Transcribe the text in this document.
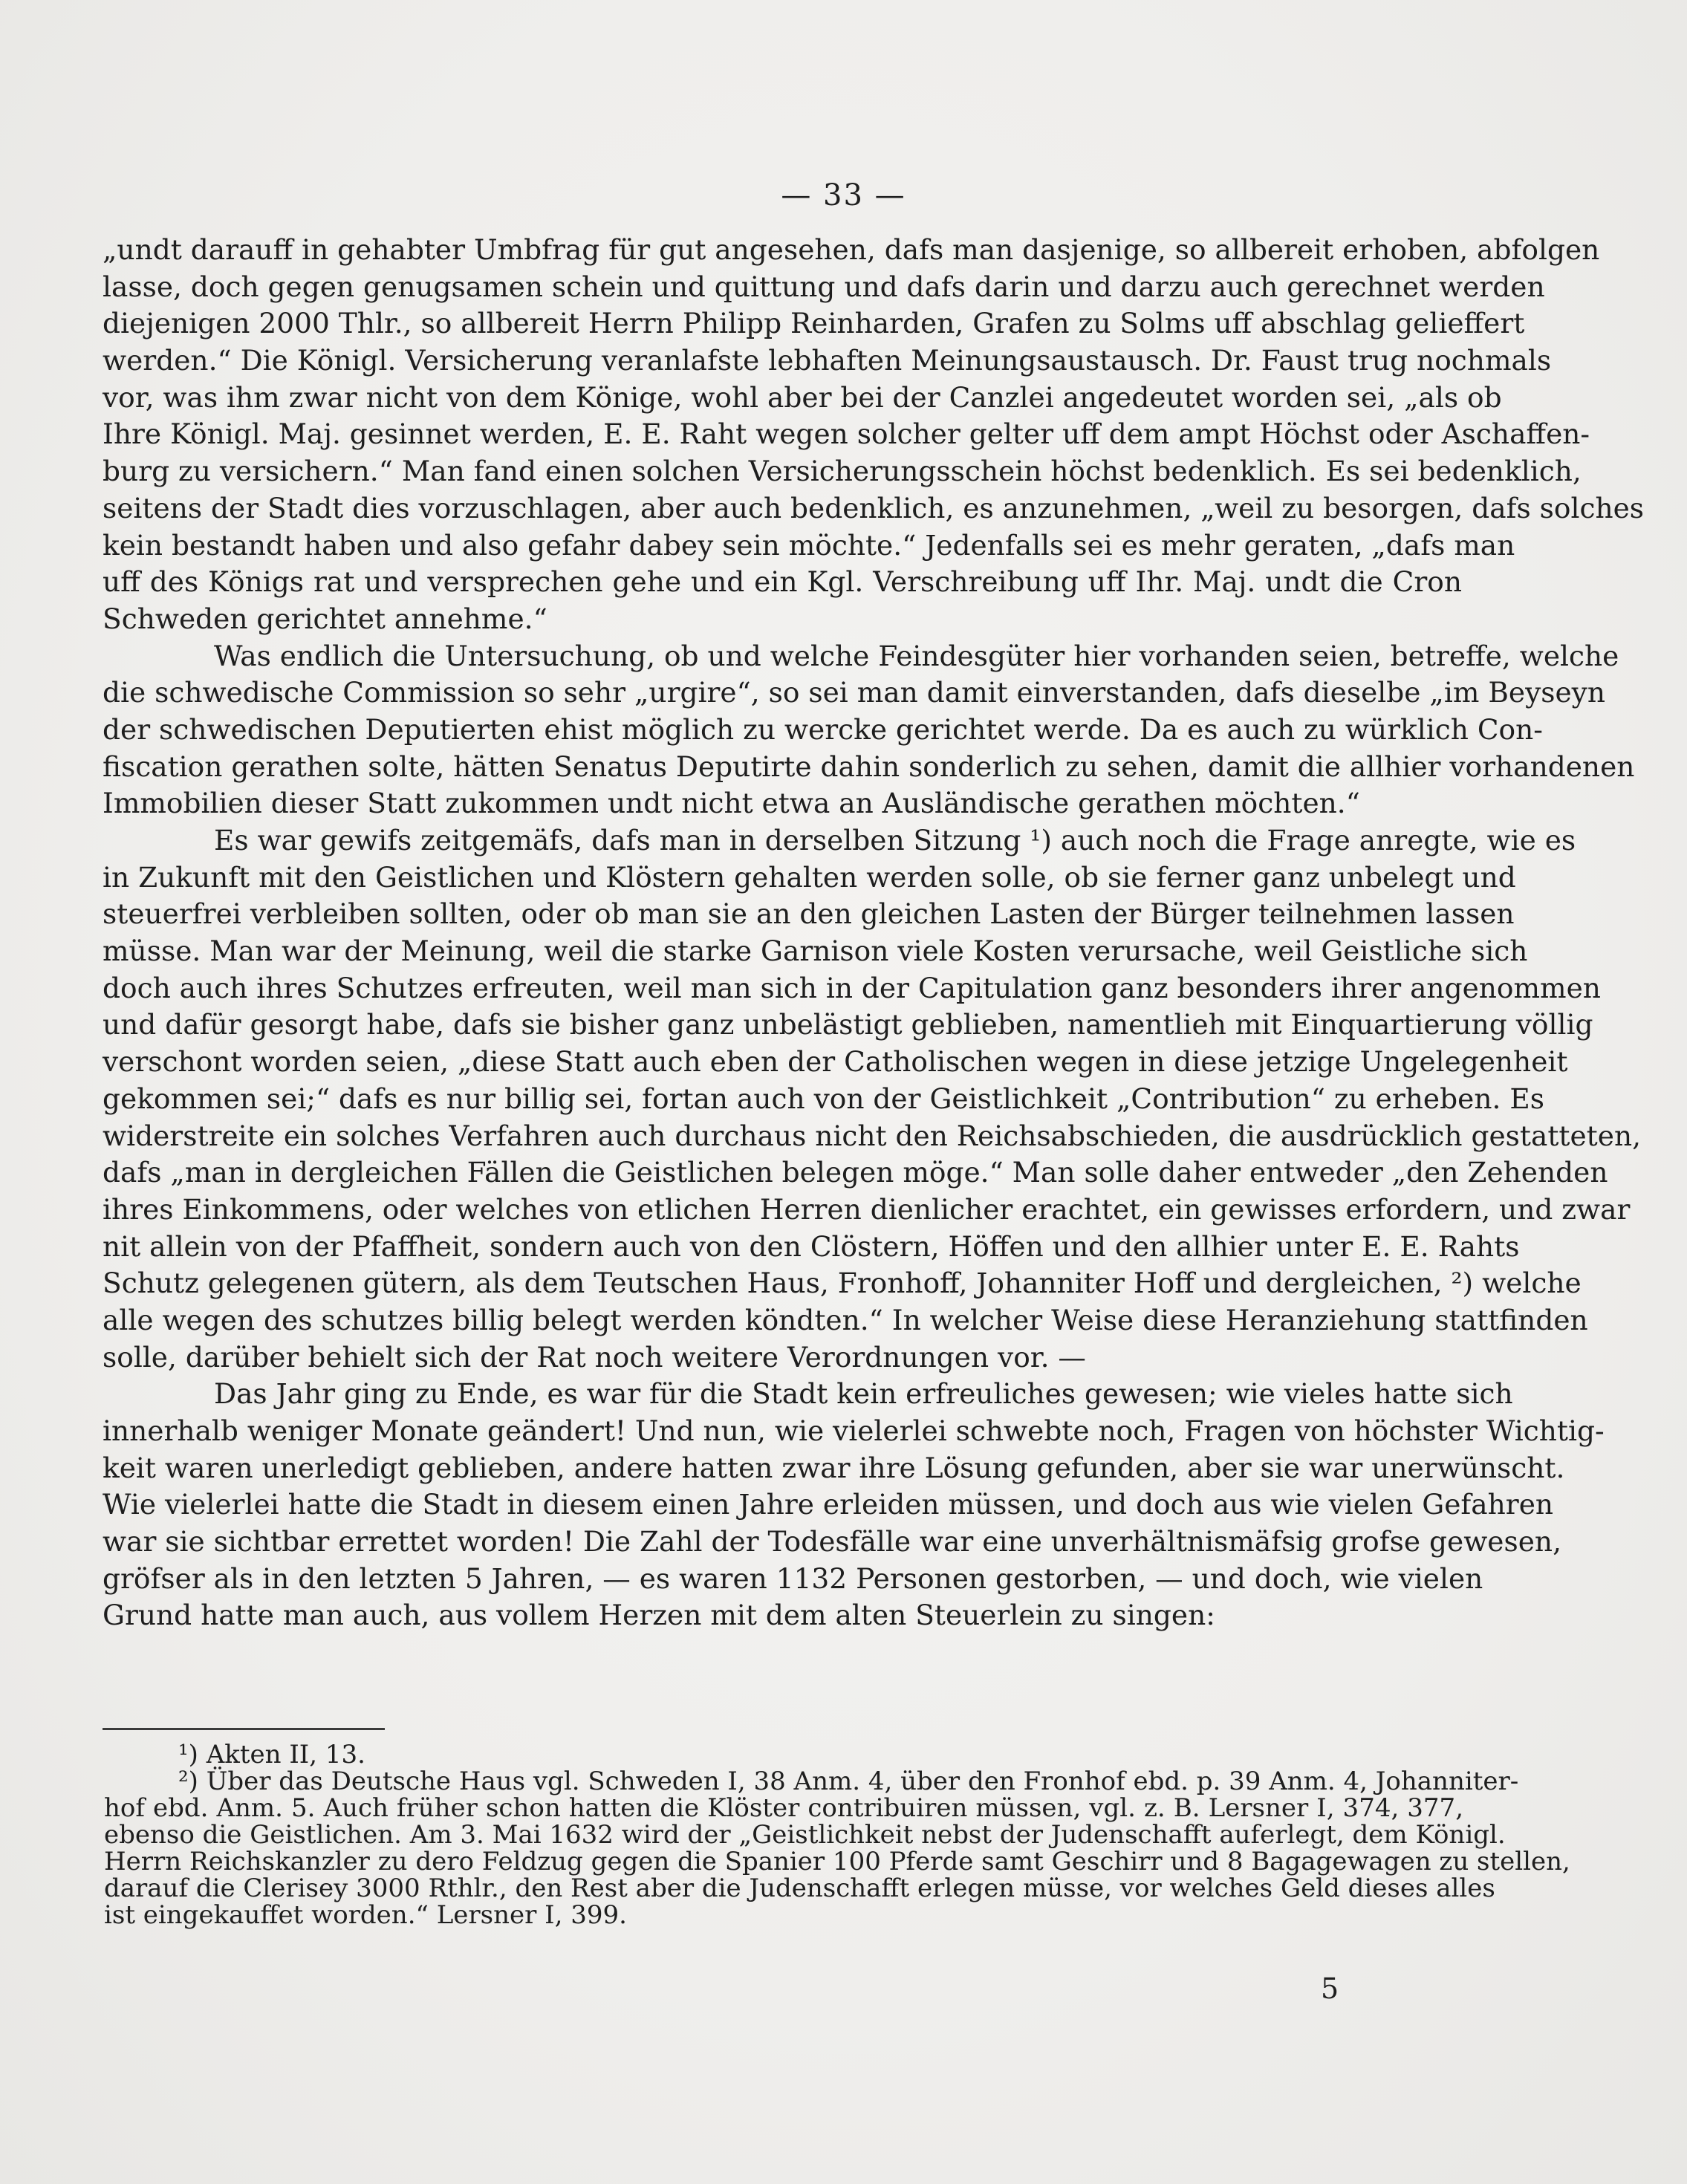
— 33 —
„undt darauff in gehabter Umbfrag für gut angesehen, dafs man dasjenige, so allbereit erhoben, abfolgen
lasse, doch gegen genugsamen schein und quittung und dafs darin und darzu auch gerechnet werden
diejenigen 2000 Thlr., so allbereit Herrn Philipp Reinharden, Grafen zu Solms uff abschlag gelieffert
werden.“ Die Königl. Versicherung veranlafste lebhaften Meinungsaustausch. Dr. Faust trug nochmals
vor, was ihm zwar nicht von dem Könige, wohl aber bei der Canzlei angedeutet worden sei, „als ob
Ihre Königl. Maj. gesinnet werden, E. E. Raht wegen solcher gelter uff dem ampt Höchst oder Aschaffen-
burg zu versichern.“ Man fand einen solchen Versicherungsschein höchst bedenklich. Es sei bedenklich,
seitens der Stadt dies vorzuschlagen, aber auch bedenklich, es anzunehmen, „weil zu besorgen, dafs solches
kein bestandt haben und also gefahr dabey sein möchte.“ Jedenfalls sei es mehr geraten, „dafs man
uff des Königs rat und versprechen gehe und ein Kgl. Verschreibung uff Ihr. Maj. undt die Cron
Schweden gerichtet annehme.“
Was endlich die Untersuchung, ob und welche Feindesgüter hier vorhanden seien, betreffe, welche
die schwedische Commission so sehr „urgire“, so sei man damit einverstanden, dafs dieselbe „im Beyseyn
der schwedischen Deputierten ehist möglich zu wercke gerichtet werde. Da es auch zu würklich Con-
fiscation gerathen solte, hätten Senatus Deputirte dahin sonderlich zu sehen, damit die allhier vorhandenen
Immobilien dieser Statt zukommen undt nicht etwa an Ausländische gerathen möchten.“
Es war gewifs zeitgemäfs, dafs man in derselben Sitzung ¹) auch noch die Frage anregte, wie es
in Zukunft mit den Geistlichen und Klöstern gehalten werden solle, ob sie ferner ganz unbelegt und
steuerfrei verbleiben sollten, oder ob man sie an den gleichen Lasten der Bürger teilnehmen lassen
müsse. Man war der Meinung, weil die starke Garnison viele Kosten verursache, weil Geistliche sich
doch auch ihres Schutzes erfreuten, weil man sich in der Capitulation ganz besonders ihrer angenommen
und dafür gesorgt habe, dafs sie bisher ganz unbelästigt geblieben, namentlieh mit Einquartierung völlig
verschont worden seien, „diese Statt auch eben der Catholischen wegen in diese jetzige Ungelegenheit
gekommen sei;“ dafs es nur billig sei, fortan auch von der Geistlichkeit „Contribution“ zu erheben. Es
widerstreite ein solches Verfahren auch durchaus nicht den Reichsabschieden, die ausdrücklich gestatteten,
dafs „man in dergleichen Fällen die Geistlichen belegen möge.“ Man solle daher entweder „den Zehenden
ihres Einkommens, oder welches von etlichen Herren dienlicher erachtet, ein gewisses erfordern, und zwar
nit allein von der Pfaffheit, sondern auch von den Clöstern, Höffen und den allhier unter E. E. Rahts
Schutz gelegenen gütern, als dem Teutschen Haus, Fronhoff, Johanniter Hoff und dergleichen, ²) welche
alle wegen des schutzes billig belegt werden köndten.“ In welcher Weise diese Heranziehung stattfinden
solle, darüber behielt sich der Rat noch weitere Verordnungen vor. —
Das Jahr ging zu Ende, es war für die Stadt kein erfreuliches gewesen; wie vieles hatte sich
innerhalb weniger Monate geändert! Und nun, wie vielerlei schwebte noch, Fragen von höchster Wichtig-
keit waren unerledigt geblieben, andere hatten zwar ihre Lösung gefunden, aber sie war unerwünscht.
Wie vielerlei hatte die Stadt in diesem einen Jahre erleiden müssen, und doch aus wie vielen Gefahren
war sie sichtbar errettet worden! Die Zahl der Todesfälle war eine unverhältnismäfsig grofse gewesen,
gröfser als in den letzten 5 Jahren, — es waren 1132 Personen gestorben, — und doch, wie vielen
Grund hatte man auch, aus vollem Herzen mit dem alten Steuerlein zu singen:
¹) Akten II, 13.
²) Über das Deutsche Haus vgl. Schweden I, 38 Anm. 4, über den Fronhof ebd. p. 39 Anm. 4, Johanniter-
hof ebd. Anm. 5. Auch früher schon hatten die Klöster contribuiren müssen, vgl. z. B. Lersner I, 374, 377,
ebenso die Geistlichen. Am 3. Mai 1632 wird der „Geistlichkeit nebst der Judenschafft auferlegt, dem Königl.
Herrn Reichskanzler zu dero Feldzug gegen die Spanier 100 Pferde samt Geschirr und 8 Bagagewagen zu stellen,
darauf die Clerisey 3000 Rthlr., den Rest aber die Judenschafft erlegen müsse, vor welches Geld dieses alles
ist eingekauffet worden.“ Lersner I, 399.
5
